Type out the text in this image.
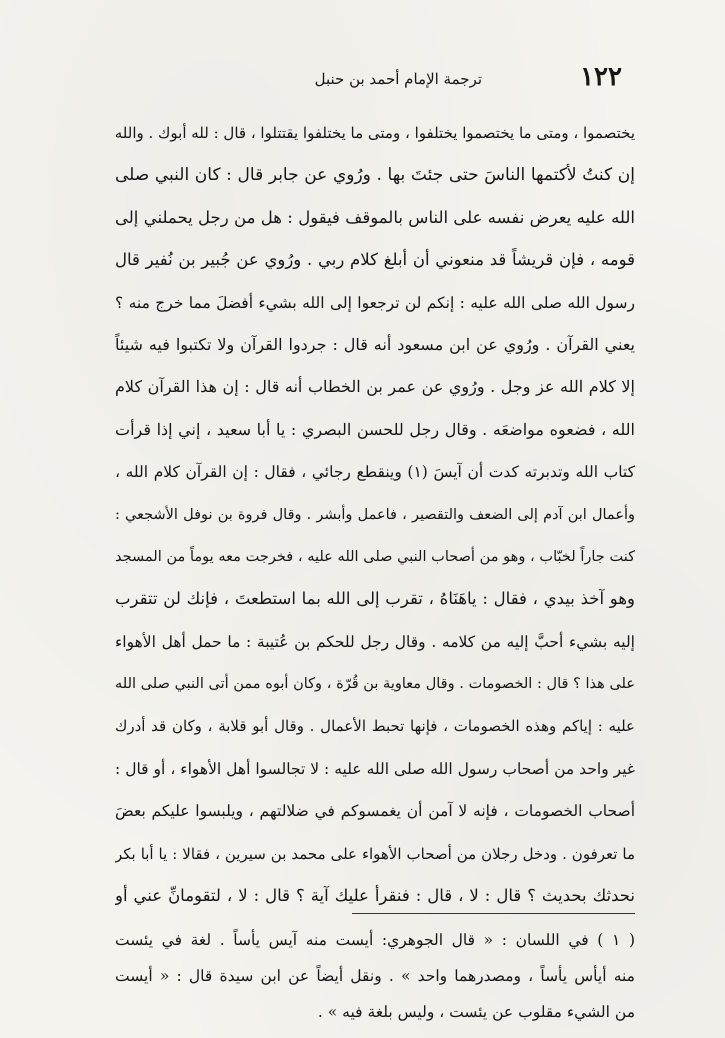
١٢٢
ترجمة الإمام أحمد بن حنبل
يختصموا ، ومتى ما يختصموا يختلفوا ، ومتى ما يختلفوا يقتتلوا ، قال : لله أبوك . والله
إن كنتُ لأكتمها الناسَ حتى جئتَ بها . ورُوي عن جابر قال : كان النبي صلى
الله عليه يعرض نفسه على الناس بالموقف فيقول : هل من رجل يحملني إلى
قومه ، فإن قريشاً قد منعوني أن أبلغ كلام ربي . ورُوي عن جُبير بن نُفير قال
رسول الله صلى الله عليه : إنكم لن ترجعوا إلى الله بشيء أفضلَ مما خرج منه ؟
يعني القرآن . ورُوي عن ابن مسعود أنه قال : جردوا القرآن ولا تكتبوا فيه شيئاً
إلا كلام الله عز وجل . ورُوي عن عمر بن الخطاب أنه قال : إن هذا القرآن كلام
الله ، فضعوه مواضعَه . وقال رجل للحسن البصري : يا أبا سعيد ، إني إذا قرأت
كتاب الله وتدبرته كدت أن آيسَ (١) وينقطع رجائي ، فقال : إن القرآن كلام الله ،
وأعمال ابن آدم إلى الضعف والتقصير ، فاعمل وأبشر . وقال فروة بن نوفل الأشجعي :
كنت جاراً لخبّاب ، وهو من أصحاب النبي صلى الله عليه ، فخرجت معه يوماً من المسجد
وهو آخذ بيدي ، فقال : ياهَنَاهُ ، تقرب إلى الله بما استطعتَ ، فإنك لن تتقرب
إليه بشيء أحبَّ إليه من كلامه . وقال رجل للحكم بن عُتيبة : ما حمل أهل الأهواء
على هذا ؟ قال : الخصومات . وقال معاوية بن قُرّة ، وكان أبوه ممن أتى النبي صلى الله
عليه : إياكم وهذه الخصومات ، فإنها تحبط الأعمال . وقال أبو قلابة ، وكان قد أدرك
غير واحد من أصحاب رسول الله صلى الله عليه : لا تجالسوا أهل الأهواء ، أو قال :
أصحاب الخصومات ، فإنه لا آمن أن يغمسوكم في ضلالتهم ، ويلبسوا عليكم بعضَ
ما تعرفون . ودخل رجلان من أصحاب الأهواء على محمد بن سيرين ، فقالا : يا أبا بكر
نحدثك بحديث ؟ قال : لا ، قال : فنقرأ عليك آية ؟ قال : لا ، لتقومانِّ عني أو
( ١ ) في اللسان : « قال الجوهري: أيست منه آيس يأساً . لغة في يئست
منه أيأس يأساً ، ومصدرهما واحد » . ونقل أيضاً عن ابن سيدة قال : « أيست
من الشيء مقلوب عن يئست ، وليس بلغة فيه » .
